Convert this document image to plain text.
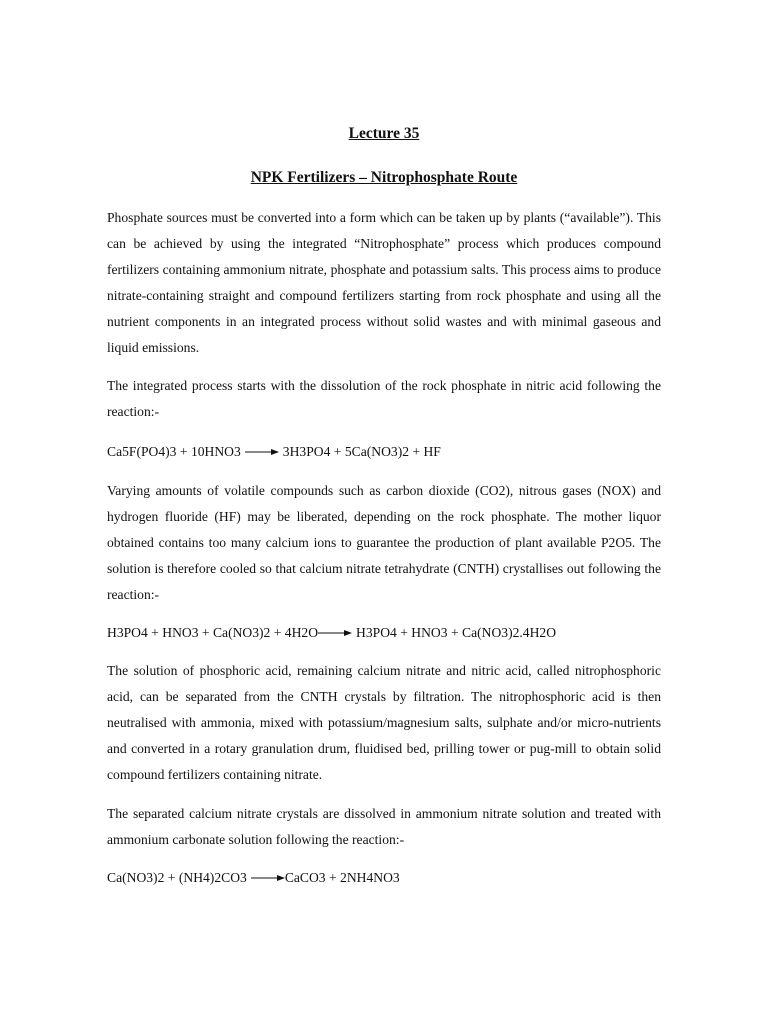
Lecture 35
NPK Fertilizers – Nitrophosphate Route

Phosphate sources must be converted into a form which can be taken up by plants (“available”). This can be achieved by using the integrated “Nitrophosphate” process which produces compound fertilizers containing ammonium nitrate, phosphate and potassium salts. This process aims to produce nitrate-containing straight and compound fertilizers starting from rock phosphate and using all the nutrient components in an integrated process without solid wastes and with minimal gaseous and liquid emissions.

The integrated process starts with the dissolution of the rock phosphate in nitric acid following the reaction:-

Ca5F(PO4)3 + 10HNO3	3H3PO4 + 5Ca(NO3)2 + HF

Varying amounts of volatile compounds such as carbon dioxide (CO2), nitrous gases (NOX) and hydrogen fluoride (HF) may be liberated, depending on the rock phosphate. The mother liquor obtained contains too many calcium ions to guarantee the production of plant available P2O5. The solution is therefore cooled so that calcium nitrate tetrahydrate (CNTH) crystallises out following the reaction:-

H3PO4 + HNO3 + Ca(NO3)2 + 4H2O	H3PO4 + HNO3 + Ca(NO3)2.4H2O

The solution of phosphoric acid, remaining calcium nitrate and nitric acid, called nitrophosphoric acid, can be separated from the CNTH crystals by filtration. The nitrophosphoric acid is then neutralised with ammonia, mixed with potassium/magnesium salts, sulphate and/or micro-nutrients and converted in a rotary granulation drum, fluidised bed, prilling tower or pug-mill to obtain solid compound fertilizers containing nitrate.

The separated calcium nitrate crystals are dissolved in ammonium nitrate solution and treated with ammonium carbonate solution following the reaction:-

Ca(NO3)2 + (NH4)2CO3	CaCO3 + 2NH4NO3
